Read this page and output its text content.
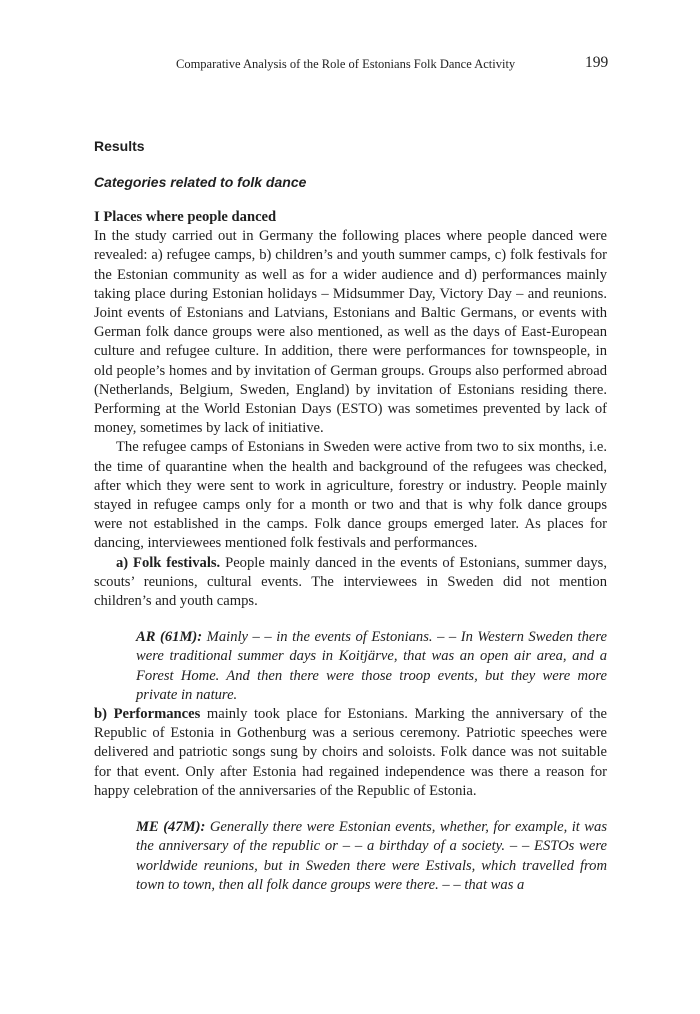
Comparative Analysis of the Role of Estonians Folk Dance Activity	199
Results
Categories related to folk dance
I Places where people danced

In the study carried out in Germany the following places where people danced were revealed: a) refugee camps, b) children’s and youth summer camps, c) folk festivals for the Estonian community as well as for a wider audience and d) performances mainly taking place during Estonian holidays – Midsummer Day, Victory Day – and reunions. Joint events of Estonians and Latvians, Estonians and Baltic Germans, or events with German folk dance groups were also mentioned, as well as the days of East-European culture and refugee culture. In addition, there were performances for townspeople, in old people’s homes and by invitation of German groups. Groups also performed abroad (Netherlands, Belgium, Sweden, England) by invitation of Estonians residing there. Performing at the World Estonian Days (ESTO) was sometimes prevented by lack of money, sometimes by lack of initiative.

The refugee camps of Estonians in Sweden were active from two to six months, i.e. the time of quarantine when the health and background of the refugees was checked, after which they were sent to work in agriculture, forestry or industry. People mainly stayed in refugee camps only for a month or two and that is why folk dance groups were not established in the camps. Folk dance groups emerged later. As places for dancing, interviewees mentioned folk festivals and performances.

a) Folk festivals. People mainly danced in the events of Estonians, summer days, scouts’ reunions, cultural events. The interviewees in Sweden did not mention children’s and youth camps.

AR (61M): Mainly – – in the events of Estonians. – – In Western Sweden there were traditional summer days in Koitjärve, that was an open air area, and a Forest Home. And then there were those troop events, but they were more private in nature.

b) Performances mainly took place for Estonians. Marking the anniversary of the Republic of Estonia in Gothenburg was a serious ceremony. Patriotic speeches were delivered and patriotic songs sung by choirs and soloists. Folk dance was not suitable for that event. Only after Estonia had regained independence was there a reason for happy celebration of the anniversaries of the Republic of Estonia.

ME (47M): Generally there were Estonian events, whether, for example, it was the anniversary of the republic or – – a birthday of a society. – – ESTOs were worldwide reunions, but in Sweden there were Estivals, which travelled from town to town, then all folk dance groups were there. – – that was a
